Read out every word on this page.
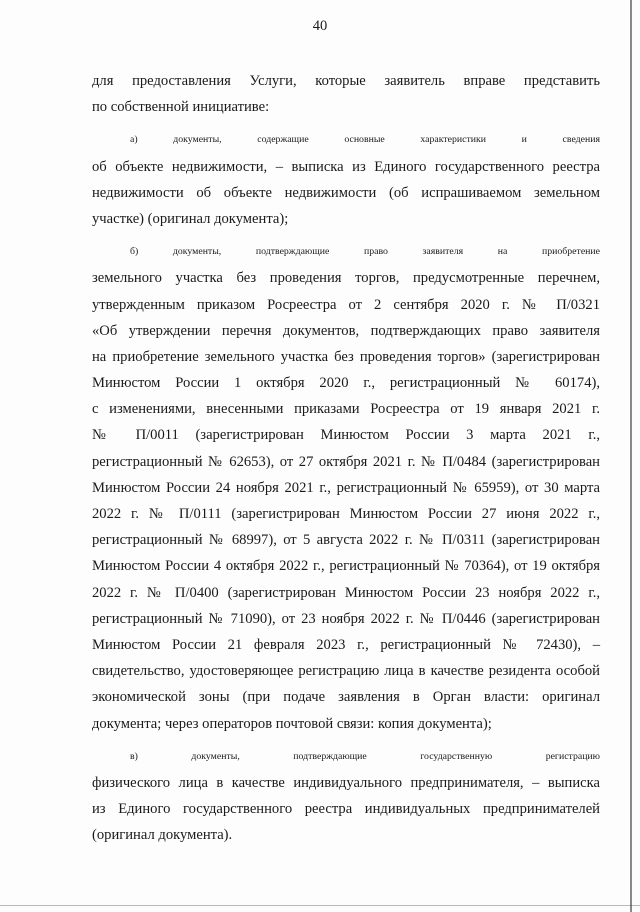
40
для предоставления Услуги, которые заявитель вправе представить
по собственной инициативе:
а) документы, содержащие основные характеристики и сведения
об объекте недвижимости, – выписка из Единого государственного реестра
недвижимости об объекте недвижимости (об испрашиваемом земельном
участке) (оригинал документа);
б) документы, подтверждающие право заявителя на приобретение
земельного участка без проведения торгов, предусмотренные перечнем,
утвержденным приказом Росреестра от 2 сентября 2020 г. № П/0321
«Об утверждении перечня документов, подтверждающих право заявителя
на приобретение земельного участка без проведения торгов» (зарегистрирован
Минюстом России 1 октября 2020 г., регистрационный № 60174),
с изменениями, внесенными приказами Росреестра от 19 января 2021 г.
№ П/0011 (зарегистрирован Минюстом России 3 марта 2021 г.,
регистрационный № 62653), от 27 октября 2021 г. № П/0484 (зарегистрирован
Минюстом России 24 ноября 2021 г., регистрационный № 65959), от 30 марта
2022 г. № П/0111 (зарегистрирован Минюстом России 27 июня 2022 г.,
регистрационный № 68997), от 5 августа 2022 г. № П/0311 (зарегистрирован
Минюстом России 4 октября 2022 г., регистрационный № 70364), от 19 октября
2022 г. № П/0400 (зарегистрирован Минюстом России 23 ноября 2022 г.,
регистрационный № 71090), от 23 ноября 2022 г. № П/0446 (зарегистрирован
Минюстом России 21 февраля 2023 г., регистрационный № 72430), –
свидетельство, удостоверяющее регистрацию лица в качестве резидента особой
экономической зоны (при подаче заявления в Орган власти: оригинал
документа; через операторов почтовой связи: копия документа);
в) документы, подтверждающие государственную регистрацию
физического лица в качестве индивидуального предпринимателя, – выписка
из Единого государственного реестра индивидуальных предпринимателей
(оригинал документа).
